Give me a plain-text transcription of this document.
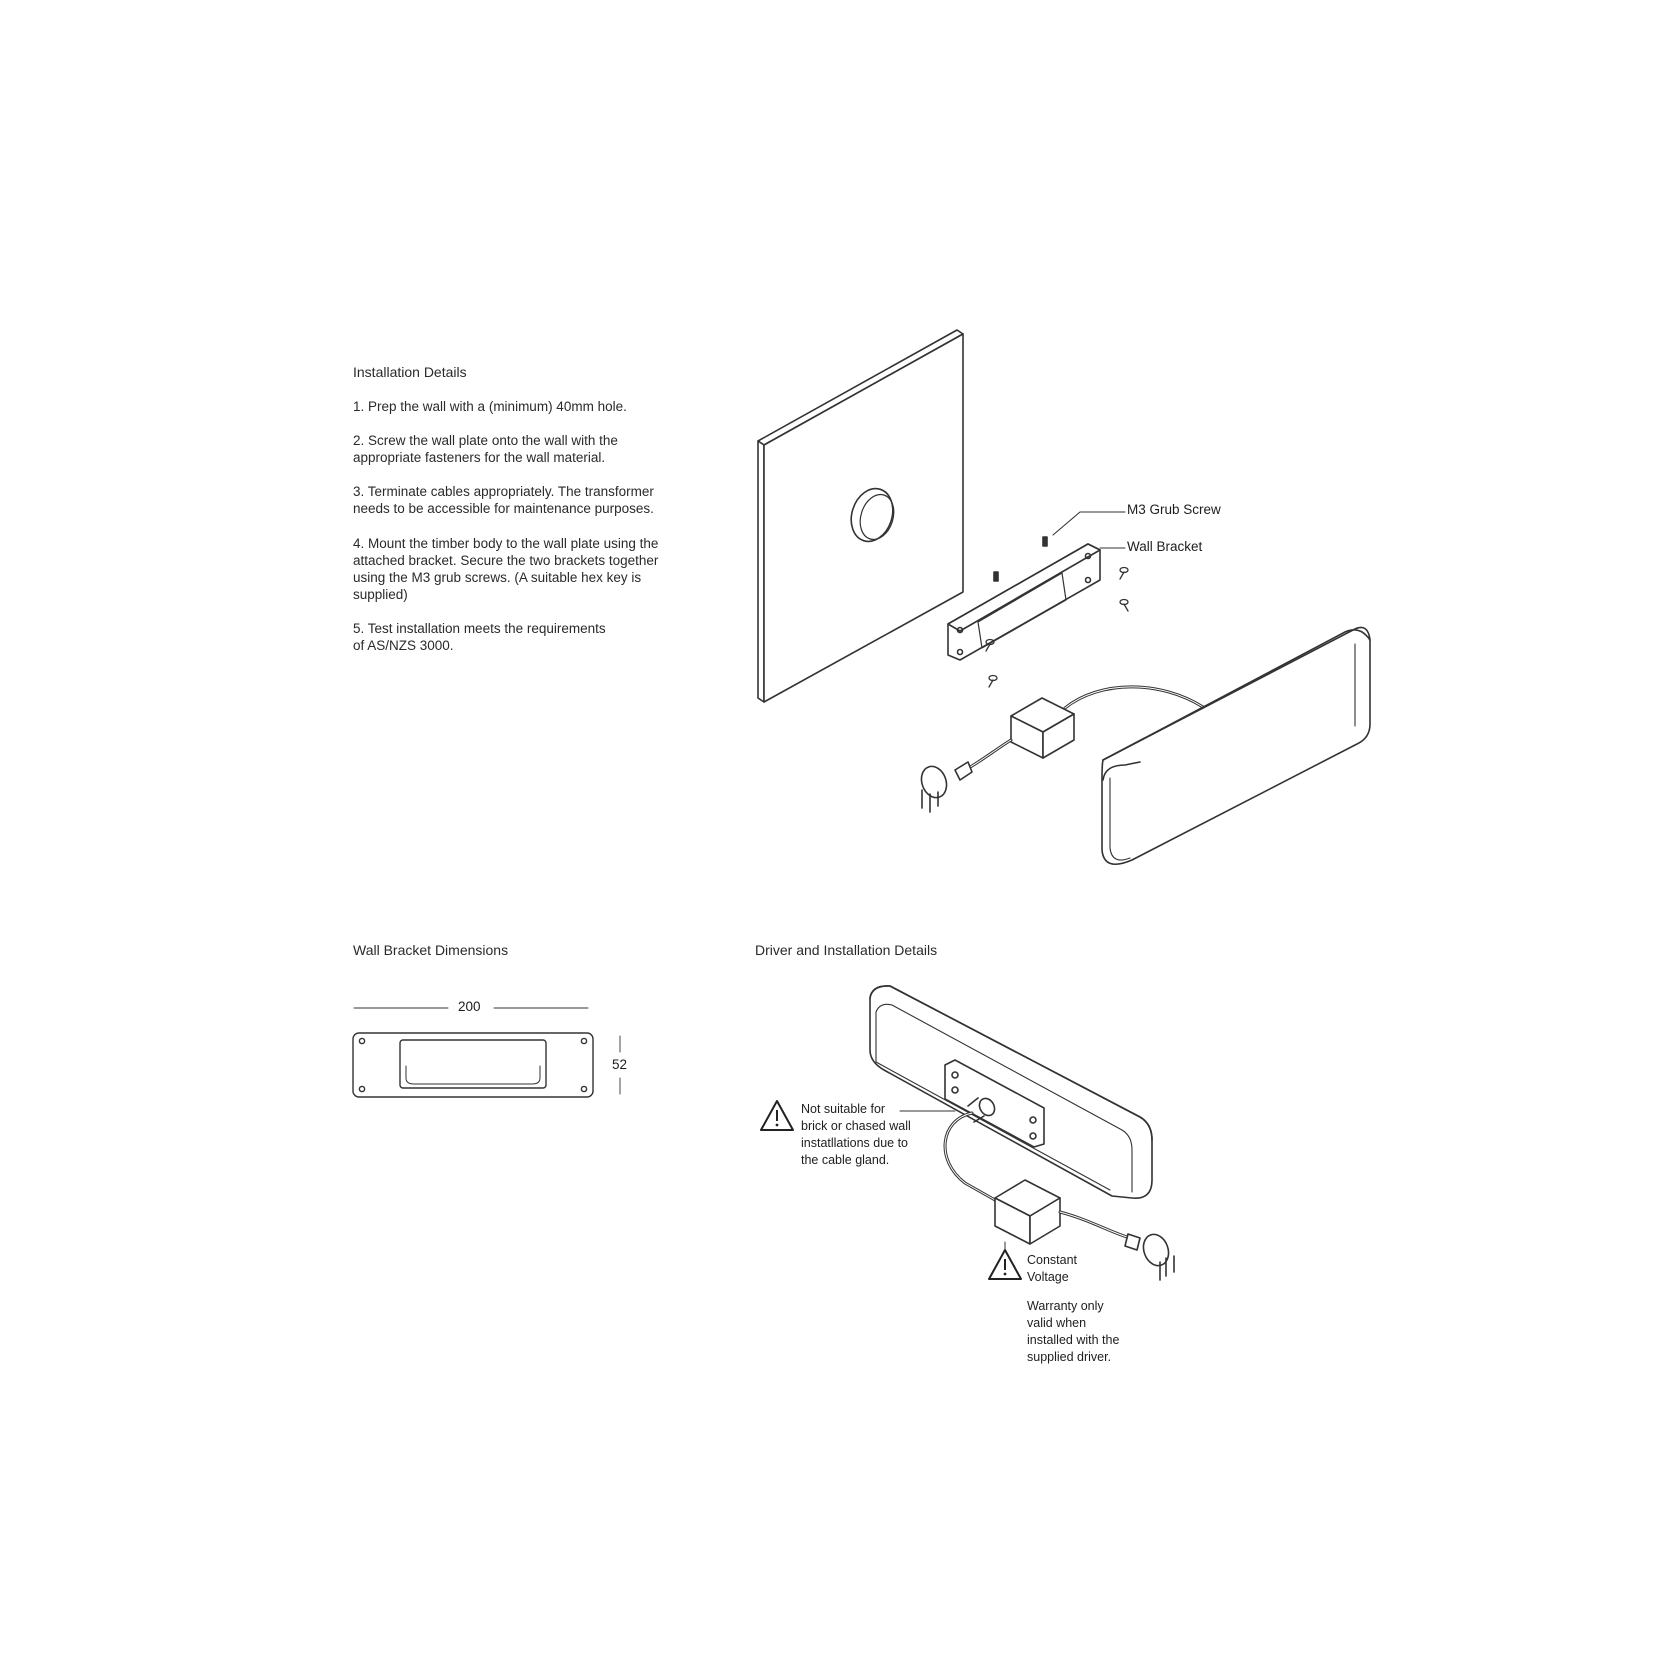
Installation Details
1. Prep the wall with a (minimum) 40mm hole.
2. Screw the wall plate onto the wall with the
appropriate fasteners for the wall material.
3. Terminate cables appropriately. The transformer
needs to be accessible for maintenance purposes.
4. Mount the timber body to the wall plate using the
attached bracket. Secure the two brackets together
using the M3 grub screws. (A suitable hex key is
supplied)
5. Test installation meets the requirements
of AS/NZS 3000.
M3 Grub Screw
Wall Bracket
Wall Bracket Dimensions
200
52
Driver and Installation Details
Not suitable for
brick or chased wall
instatllations due to
the cable gland.
Constant
Voltage
Warranty only
valid when
installed with the
supplied driver.
